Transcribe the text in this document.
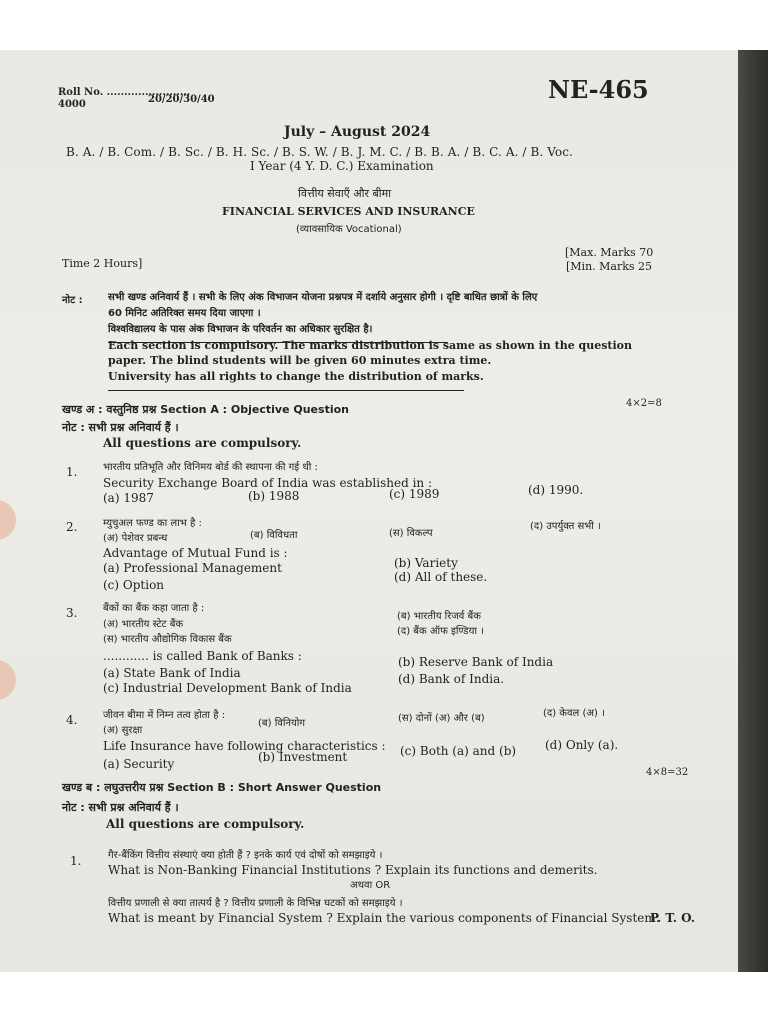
Roll No. ........................
4000	20/20/30/40	NE-465
July – August 2024
B. A. / B. Com. / B. Sc. / B. H. Sc. / B. S. W. / B. J. M. C. / B. B. A. / B. C. A. / B. Voc.
I Year (4 Y. D. C.) Examination
वित्तीय सेवाएँ और बीमा
FINANCIAL SERVICES AND INSURANCE
(व्यावसायिक Vocational)
Time 2 Hours]
[Max. Marks 70
[Min. Marks 25
नोट :	सभी खण्ड अनिवार्य हैं । सभी के लिए अंक विभाजन योजना प्रश्नपत्र में दर्शाये अनुसार होगी । दृष्टि बाधित छात्रों के लिए
60 मिनिट अतिरिक्त समय दिया जाएगा ।
विश्वविद्यालय के पास अंक विभाजन के परिवर्तन का अधिकार सुरक्षित है।
Each section is compulsory. The marks distribution is same as shown in the question
paper. The blind students will be given 60 minutes extra time.
University has all rights to change the distribution of marks.
खण्ड अ : वस्तुनिष्ठ प्रश्न Section A : Objective Question	4×2=8
नोट : सभी प्रश्न अनिवार्य हैं ।
All questions are compulsory.
1.	भारतीय प्रतिभूति और विनिमय बोर्ड की स्थापना की गई थी :
Security Exchange Board of India was established in :
(a) 1987	(b) 1988	(c) 1989	(d) 1990.
2.	म्युचुअल फण्ड का लाभ है :
(अ) पेशेवर प्रबन्ध	(ब) विविधता	(स) विकल्प
(द) उपर्युक्त सभी ।
Advantage of Mutual Fund is :
(a) Professional Management	(b) Variety
(c) Option
(d) All of these.
3.	बैंकों का बैंक कहा जाता है :
(अ) भारतीय स्टेट बैंक
(ब) भारतीय रिजर्व बैंक
(स) भारतीय औद्योगिक विकास बैंक
(द) बैंक ऑफ इण्डिया ।
............ is called Bank of Banks :
(a) State Bank of India
(b) Reserve Bank of India
(c) Industrial Development Bank of India
(d) Bank of India.
4.	जीवन बीमा में निम्न तत्व होता है :
(अ) सुरक्षा
(ब) विनियोग	(स) दोनों (अ) और (ब)	(द) केवल (अ) ।
Life Insurance have following characteristics :
(a) Security	(b) Investment	(c) Both (a) and (b) (d) Only (a).
4×8=32
खण्ड ब : लघुउत्तरीय प्रश्न Section B : Short Answer Question
नोट : सभी प्रश्न अनिवार्य हैं ।
All questions are compulsory.
1.	गैर-बैंकिंग वित्तीय संस्थाएं क्या होती हैं ? इनके कार्य एवं दोषों को समझाइये ।
What is Non-Banking Financial Institutions ? Explain its functions and demerits.
अथवा OR
वित्तीय प्रणाली से क्या तात्पर्य है ? वित्तीय प्रणाली के विभिन्न घटकों को समझाइये ।
What is meant by Financial System ? Explain the various components of Financial System.
P. T. O.
